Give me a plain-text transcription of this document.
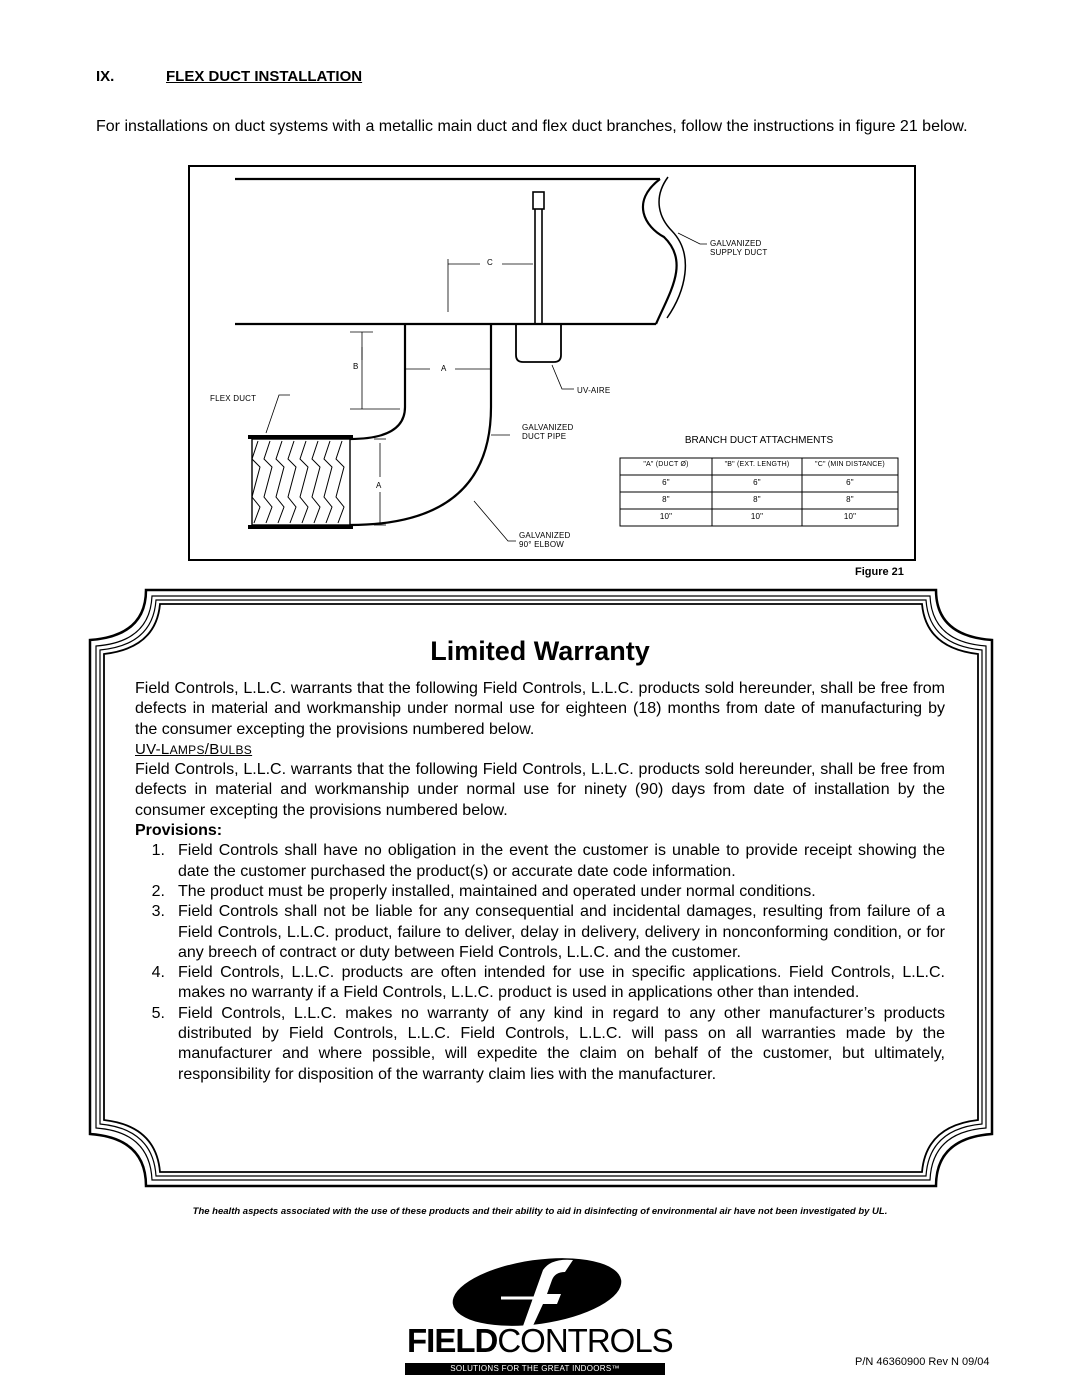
IX.	FLEX DUCT INSTALLATION
For installations on duct systems with a metallic main duct and flex duct branches, follow the instructions in figure 21 below.
GALVANIZED
SUPPLY DUCT
C
B	A
A
FLEX DUCT
UV-AIRE
GALVANIZED
DUCT PIPE
GALVANIZED
90° ELBOW
BRANCH DUCT ATTACHMENTS
"A" (DUCT Ø)	"B" (EXT. LENGTH)	"C" (MIN DISTANCE)
6"	6"	6"
8"	8"	8"
10"	10"	10"
Figure 21
Limited Warranty

Field Controls, L.L.C. warrants that the following Field Controls, L.L.C. products sold hereunder, shall be free from defects in material and workmanship under normal use for eighteen (18) months from date of manufacturing by the consumer excepting the provisions numbered below.

UV-LAMPS/BULBS

Field Controls, L.L.C. warrants that the following Field Controls, L.L.C. products sold hereunder, shall be free from defects in material and workmanship under normal use for ninety (90) days from date of installation by the consumer excepting the provisions numbered below.

Provisions:

1. Field Controls shall have no obligation in the event the customer is unable to provide receipt showing the date the customer purchased the product(s) or accurate date code information.
2. The product must be properly installed, maintained and operated under normal conditions.
3. Field Controls shall not be liable for any consequential and incidental damages, resulting from failure of a Field Controls, L.L.C. product, failure to deliver, delay in delivery, delivery in nonconforming condition, or for any breech of contract or duty between Field Controls, L.L.C. and the customer.
4. Field Controls, L.L.C. products are often intended for use in specific applications. Field Controls, L.L.C. makes no warranty if a Field Controls, L.L.C. product is used in applications other than intended.
5. Field Controls, L.L.C. makes no warranty of any kind in regard to any other manufacturer’s products distributed by Field Controls, L.L.C. Field Controls, L.L.C. will pass on all warranties made by the manufacturer and where possible, will expedite the claim on behalf of the customer, but ultimately, responsibility for disposition of the warranty claim lies with the manufacturer.
The health aspects associated with the use of these products and their ability to aid in disinfecting of environmental air have not been investigated by UL.
FIELDCONTROLS
SOLUTIONS FOR THE GREAT INDOORS™
P/N 46360900 Rev N 09/04
